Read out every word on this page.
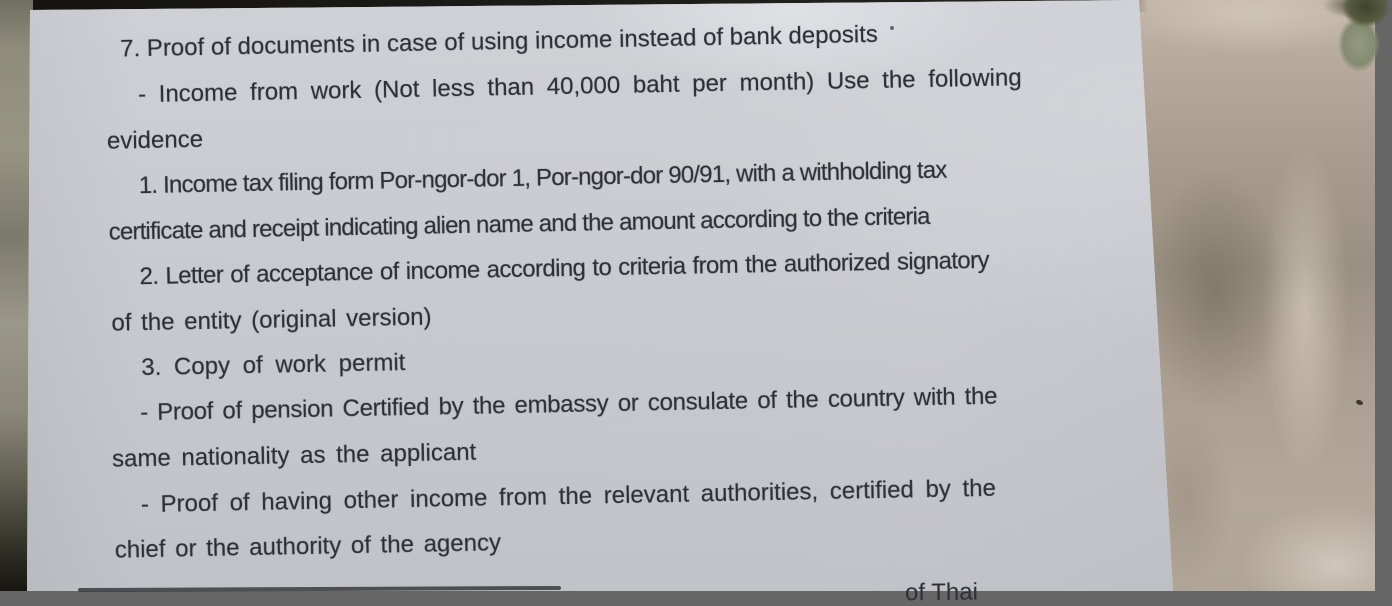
7. Proof of documents in case of using income instead of bank deposits
- Income from work (Not less than 40,000 baht per month) Use the following
evidence
1. Income tax filing form Por-ngor-dor 1, Por-ngor-dor 90/91, with a withholding tax
certificate and receipt indicating alien name and the amount according to the criteria
2. Letter of acceptance of income according to criteria from the authorized signatory
of the entity (original version)
3. Copy of work permit
- Proof of pension Certified by the embassy or consulate of the country with the
same nationality as the applicant
- Proof of having other income from the relevant authorities, certified by the
chief or the authority of the agency
of Thai
